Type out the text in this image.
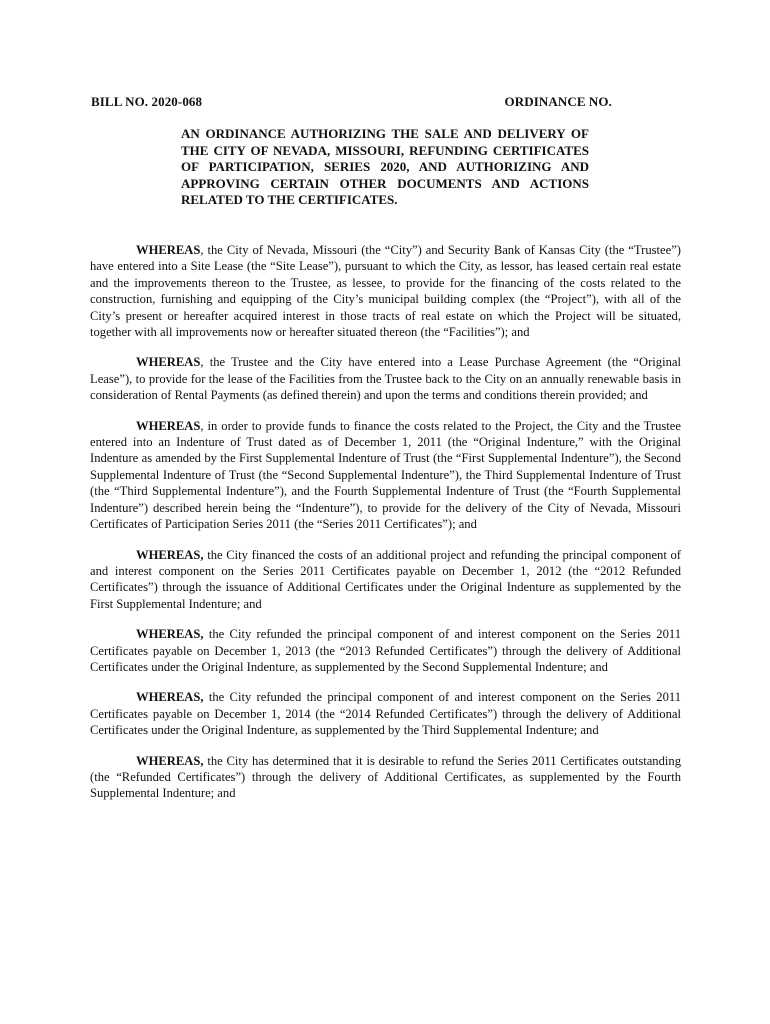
BILL NO. 2020-068	ORDINANCE NO.
AN ORDINANCE AUTHORIZING THE SALE AND DELIVERY OF THE CITY OF NEVADA, MISSOURI, REFUNDING CERTIFICATES OF PARTICIPATION, SERIES 2020, AND AUTHORIZING AND APPROVING CERTAIN OTHER DOCUMENTS AND ACTIONS RELATED TO THE CERTIFICATES.

WHEREAS, the City of Nevada, Missouri (the “City”) and Security Bank of Kansas City (the “Trustee”) have entered into a Site Lease (the “Site Lease”), pursuant to which the City, as lessor, has leased certain real estate and the improvements thereon to the Trustee, as lessee, to provide for the financing of the costs related to the construction, furnishing and equipping of the City’s municipal building complex (the “Project”), with all of the City’s present or hereafter acquired interest in those tracts of real estate on which the Project will be situated, together with all improvements now or hereafter situated thereon (the “Facilities”); and

WHEREAS, the Trustee and the City have entered into a Lease Purchase Agreement (the “Original Lease”), to provide for the lease of the Facilities from the Trustee back to the City on an annually renewable basis in consideration of Rental Payments (as defined therein) and upon the terms and conditions therein provided; and

WHEREAS, in order to provide funds to finance the costs related to the Project, the City and the Trustee entered into an Indenture of Trust dated as of December 1, 2011 (the “Original Indenture,” with the Original Indenture as amended by the First Supplemental Indenture of Trust (the “First Supplemental Indenture”), the Second Supplemental Indenture of Trust (the “Second Supplemental Indenture”), the Third Supplemental Indenture of Trust (the “Third Supplemental Indenture”), and the Fourth Supplemental Indenture of Trust (the “Fourth Supplemental Indenture”) described herein being the “Indenture”), to provide for the delivery of the City of Nevada, Missouri Certificates of Participation Series 2011 (the “Series 2011 Certificates”); and

WHEREAS, the City financed the costs of an additional project and refunding the principal component of and interest component on the Series 2011 Certificates payable on December 1, 2012 (the “2012 Refunded Certificates”) through the issuance of Additional Certificates under the Original Indenture as supplemented by the First Supplemental Indenture; and

WHEREAS, the City refunded the principal component of and interest component on the Series 2011 Certificates payable on December 1, 2013 (the “2013 Refunded Certificates”) through the delivery of Additional Certificates under the Original Indenture, as supplemented by the Second Supplemental Indenture; and

WHEREAS, the City refunded the principal component of and interest component on the Series 2011 Certificates payable on December 1, 2014 (the “2014 Refunded Certificates”) through the delivery of Additional Certificates under the Original Indenture, as supplemented by the Third Supplemental Indenture; and

WHEREAS, the City has determined that it is desirable to refund the Series 2011 Certificates outstanding (the “Refunded Certificates”) through the delivery of Additional Certificates, as supplemented by the Fourth Supplemental Indenture; and
